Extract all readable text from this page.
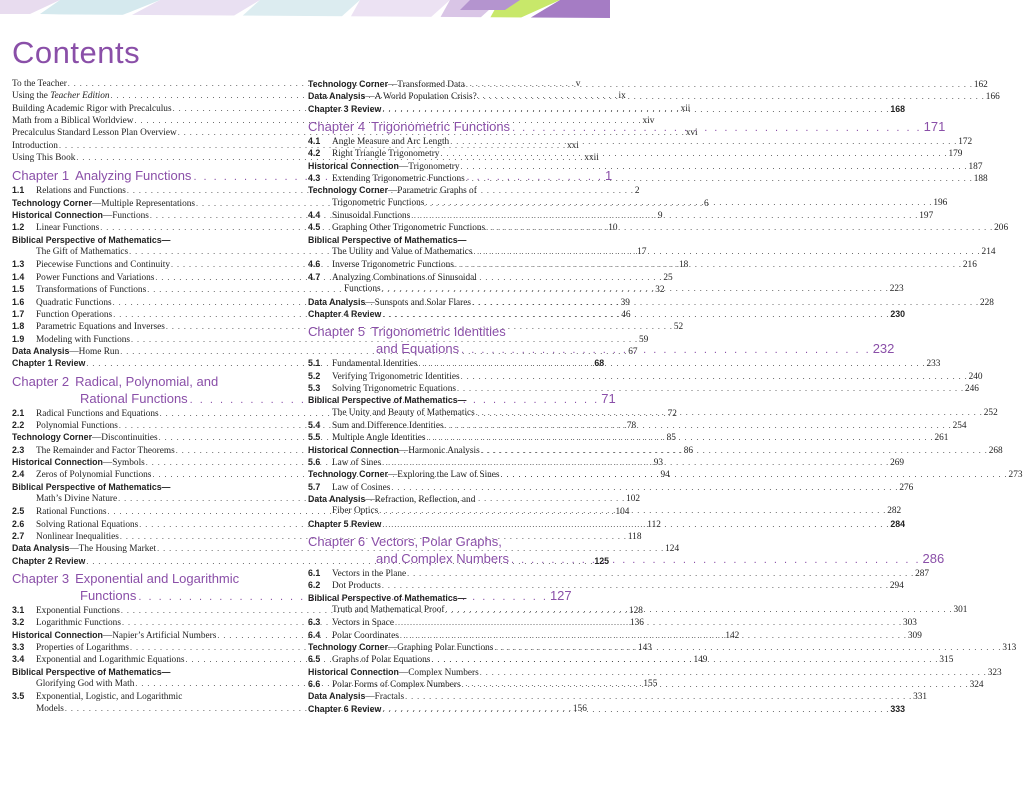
Contents
To the Teacher . . .	v
Using the Teacher Edition . . .	ix
Building Academic Rigor with Precalculus . . .	xii
Math from a Biblical Worldview . . .	xiv
Precalculus Standard Lesson Plan Overview . . .	xvi
Introduction . . .	xxi
Using This Book . . .	xxii
Chapter 1 Analyzing Functions . . .	1
1.1	Relations and Functions . . .	2
Technology Corner—Multiple Representations . . .	6
Historical Connection—Functions . . .	9
1.2	Linear Functions . . .	10
Biblical Perspective of Mathematics—
The Gift of Mathematics . . .	17
1.3	Piecewise Functions and Continuity . . .	18
1.4	Power Functions and Variations . . .	25
1.5	Transformations of Functions . . .	32
1.6	Quadratic Functions . . .	39
1.7	Function Operations . . .	46
1.8	Parametric Equations and Inverses . . .	52
1.9	Modeling with Functions . . .	59
Data Analysis—Home Run . . .	67
Chapter 1 Review . . .	68
Chapter 2 Radical, Polynomial, and
Rational Functions . . .	71
2.1	Radical Functions and Equations . . .	72
2.2	Polynomial Functions . . .	78
Technology Corner—Discontinuities . . .	85
2.3	The Remainder and Factor Theorems . . .	86
Historical Connection—Symbols . . .	93
2.4	Zeros of Polynomial Functions . . .	94
Biblical Perspective of Mathematics—
Math’s Divine Nature . . .	102
2.5	Rational Functions . . .	104
2.6	Solving Rational Equations . . .	112
2.7	Nonlinear Inequalities . . .	118
Data Analysis—The Housing Market . . .	124
Chapter 2 Review . . .	125
Chapter 3 Exponential and Logarithmic
Functions . . .	127
3.1	Exponential Functions . . .	128
3.2	Logarithmic Functions . . .	136
Historical Connection—Napier’s Artificial Numbers . . .	142
3.3	Properties of Logarithms . . .	143
3.4	Exponential and Logarithmic Equations . . .	149
Biblical Perspective of Mathematics—
Glorifying God with Math . . .	155
3.5	Exponential, Logistic, and Logarithmic
Models . . .	156
Technology Corner—Transformed Data . . .	162
Data Analysis—A World Population Crisis? . . .	166
Chapter 3 Review . . .	168
Chapter 4 Trigonometric Functions . . .	171
4.1	Angle Measure and Arc Length . . .	172
4.2	Right Triangle Trigonometry . . .	179
Historical Connection—Trigonometry . . .	187
4.3	Extending Trigonometric Functions . . .	188
Technology Corner—Parametric Graphs of
Trigonometric Functions . . .	196
4.4	Sinusoidal Functions . . .	197
4.5	Graphing Other Trigonometric Functions . . .	206
Biblical Perspective of Mathematics—
The Utility and Value of Mathematics . . .	214
4.6	Inverse Trigonometric Functions . . .	216
4.7	Analyzing Combinations of Sinusoidal
Functions . . .	223
Data Analysis—Sunspots and Solar Flares . . .	228
Chapter 4 Review . . .	230
Chapter 5 Trigonometric Identities
and Equations . . .	232
5.1	Fundamental Identities . . .	233
5.2	Verifying Trigonometric Identities . . .	240
5.3	Solving Trigonometric Equations . . .	246
Biblical Perspective of Mathematics—
The Unity and Beauty of Mathematics . . .	252
5.4	Sum and Difference Identities . . .	254
5.5	Multiple Angle Identities . . .	261
Historical Connection—Harmonic Analysis . . .	268
5.6	Law of Sines . . .	269
Technology Corner—Exploring the Law of Sines . . .	273
5.7	Law of Cosines . . .	276
Data Analysis—Refraction, Reflection, and
Fiber Optics . . .	282
Chapter 5 Review . . .	284
Chapter 6 Vectors, Polar Graphs,
and Complex Numbers . . .	286
6.1	Vectors in the Plane . . .	287
6.2	Dot Products . . .	294
Biblical Perspective of Mathematics—
Truth and Mathematical Proof . . .	301
6.3	Vectors in Space . . .	303
6.4	Polar Coordinates . . .	309
Technology Corner—Graphing Polar Functions . . .	313
6.5	Graphs of Polar Equations . . .	315
Historical Connection—Complex Numbers . . .	323
6.6	Polar Forms of Complex Numbers . . .	324
Data Analysis—Fractals . . .	331
Chapter 6 Review . . .	333
